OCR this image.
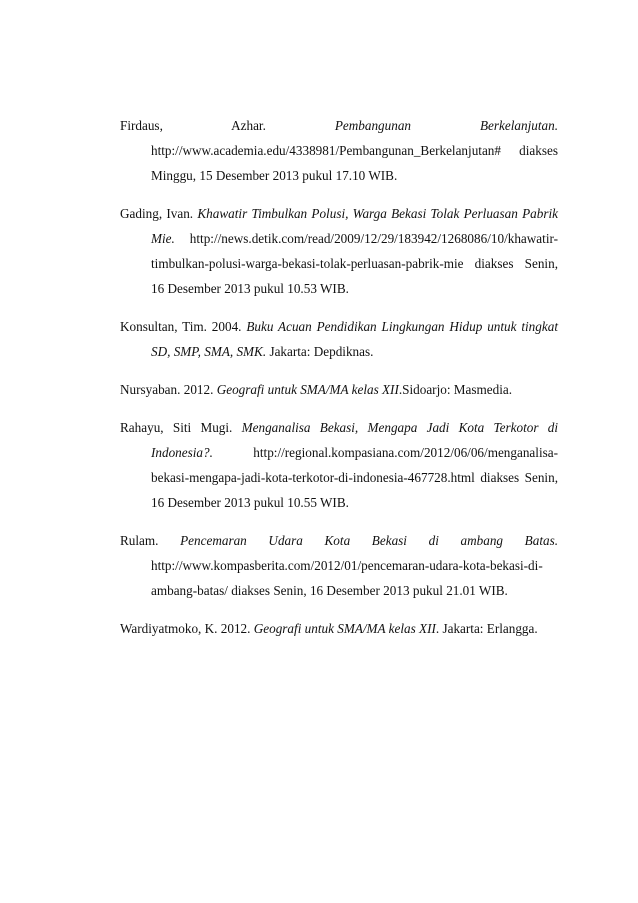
Firdaus, Azhar. Pembangunan Berkelanjutan. http://www.academia.edu/4338981/Pembangunan_Berkelanjutan# diakses Minggu, 15 Desember 2013 pukul 17.10 WIB.

Gading, Ivan. Khawatir Timbulkan Polusi, Warga Bekasi Tolak Perluasan Pabrik Mie. http://news.detik.com/read/2009/12/29/183942/1268086/10/khawatir-timbulkan-polusi-warga-bekasi-tolak-perluasan-pabrik-mie diakses Senin, 16 Desember 2013 pukul 10.53 WIB.

Konsultan, Tim. 2004. Buku Acuan Pendidikan Lingkungan Hidup untuk tingkat SD, SMP, SMA, SMK. Jakarta: Depdiknas.

Nursyaban. 2012. Geografi untuk SMA/MA kelas XII.Sidoarjo: Masmedia.

Rahayu, Siti Mugi. Menganalisa Bekasi, Mengapa Jadi Kota Terkotor di Indonesia?. http://regional.kompasiana.com/2012/06/06/menganalisa-bekasi-mengapa-jadi-kota-terkotor-di-indonesia-467728.html diakses Senin, 16 Desember 2013 pukul 10.55 WIB.

Rulam. Pencemaran Udara Kota Bekasi di ambang Batas. http://www.kompasberita.com/2012/01/pencemaran-udara-kota-bekasi-di-ambang-batas/ diakses Senin, 16 Desember 2013 pukul 21.01 WIB.

Wardiyatmoko, K. 2012. Geografi untuk SMA/MA kelas XII. Jakarta: Erlangga.
